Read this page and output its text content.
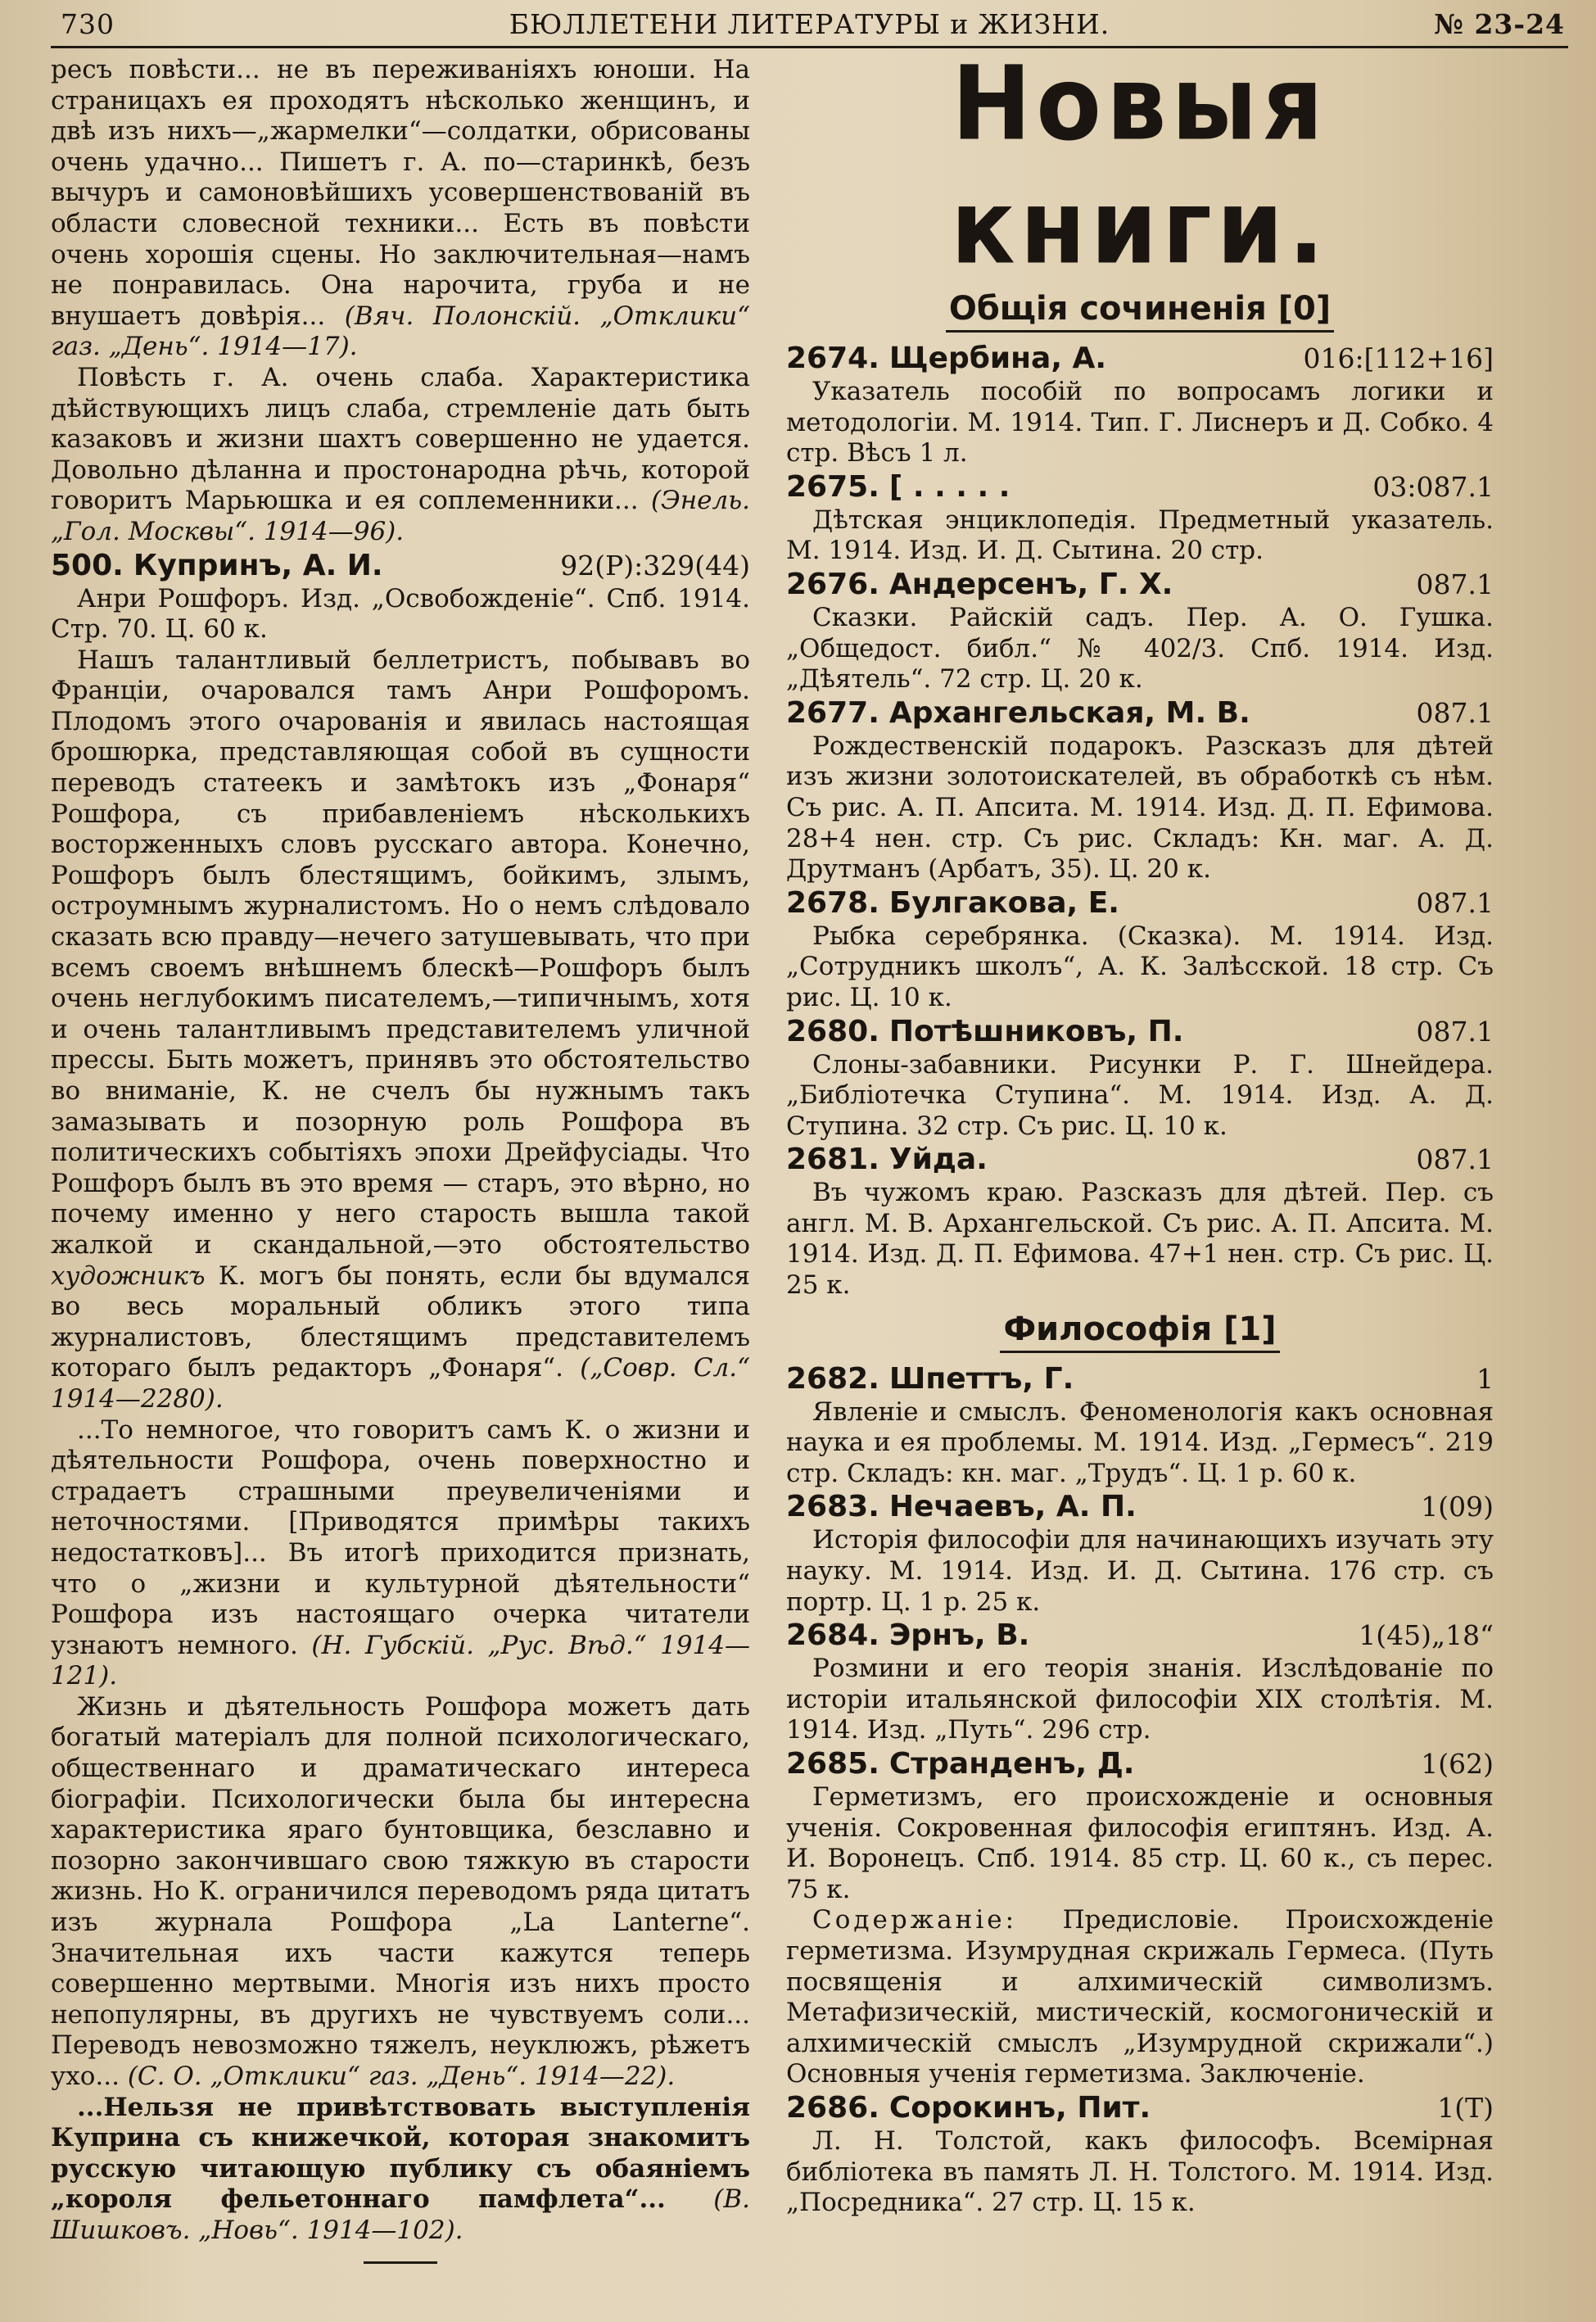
730	БЮЛЛЕТЕНИ ЛИТЕРАТУРЫ и ЖИЗНИ.	№ 23-24

ресъ повѣсти... не въ переживаніяхъ юноши. На страницахъ ея проходятъ нѣсколько женщинъ, и двѣ изъ нихъ—„жармелки“—солдатки, обрисованы очень удачно... Пишетъ г. А. по—старинкѣ, безъ вычуръ и самоновѣйшихъ усовершенствованій въ области словесной техники... Есть въ повѣсти очень хорошія сцены. Но заключительная—намъ не понравилась. Она нарочита, груба и не внушаетъ довѣрія... (Вяч. Полонскій. „Отклики“ газ. „День“. 1914—17).

Повѣсть г. А. очень слаба. Характеристика дѣйствующихъ лицъ слаба, стремленіе дать быть казаковъ и жизни шахтъ совершенно не удается. Довольно дѣланна и простонародна рѣчь, которой говоритъ Марьюшка и ея соплеменники... (Энель. „Гол. Москвы“. 1914—96).

500. Купринъ, А. И.	92(Р):329(44)

Анри Рошфоръ. Изд. „Освобожденіе“. Спб. 1914. Стр. 70. Ц. 60 к.

Нашъ талантливый беллетристъ, побывавъ во Франціи, очаровался тамъ Анри Рошфоромъ. Плодомъ этого очарованія и явилась настоящая брошюрка, представляющая собой въ сущности переводъ статеекъ и замѣтокъ изъ „Фонаря“ Рошфора, съ прибавленіемъ нѣсколькихъ восторженныхъ словъ русскаго автора. Конечно, Рошфоръ былъ блестящимъ, бойкимъ, злымъ, остроумнымъ журналистомъ. Но о немъ слѣдовало сказать всю правду—нечего затушевывать, что при всемъ своемъ внѣшнемъ блескѣ—Рошфоръ былъ очень неглубокимъ писателемъ,—типичнымъ, хотя и очень талантливымъ представителемъ уличной прессы. Быть можетъ, принявъ это обстоятельство во вниманіе, К. не счелъ бы нужнымъ такъ замазывать и позорную роль Рошфора въ политическихъ событіяхъ эпохи Дрейфусіады. Что Рошфоръ былъ въ это время — старъ, это вѣрно, но почему именно у него старость вышла такой жалкой и скандальной,—это обстоятельство художникъ К. могъ бы понять, если бы вдумался во весь моральный обликъ этого типа журналистовъ, блестящимъ представителемъ котораго былъ редакторъ „Фонаря“. („Совр. Сл.“ 1914—2280).

...То немногое, что говоритъ самъ К. о жизни и дѣятельности Рошфора, очень поверхностно и страдаетъ страшными преувеличеніями и неточностями. [Приводятся примѣры такихъ недостатковъ]... Въ итогѣ приходится признать, что о „жизни и культурной дѣятельности“ Рошфора изъ настоящаго очерка читатели узнаютъ немного. (Н. Губскій. „Рус. Вѣд.“ 1914—121).

Жизнь и дѣятельность Рошфора можетъ дать богатый матеріалъ для полной психологическаго, общественнаго и драматическаго интереса біографіи. Психологически была бы интересна характеристика яраго бунтовщика, безславно и позорно закончившаго свою тяжкую въ старости жизнь. Но К. ограничился переводомъ ряда цитатъ изъ журнала Рошфора „La Lanterne“. Значительная ихъ части кажутся теперь совершенно мертвыми. Многія изъ нихъ просто непопулярны, въ другихъ не чувствуемъ соли... Переводъ невозможно тяжелъ, неуклюжъ, рѣжетъ ухо... (С. О. „Отклики“ газ. „День“. 1914—22).

...Нельзя не привѣтствовать выступленія Куприна съ книжечкой, которая знакомитъ русскую читающую публику съ обаяніемъ „короля фельетоннаго памфлета“... (В. Шишковъ. „Новь“. 1914—102).

Новыя книги.
Общія сочиненія [0]
2674. Щербина, А.	016:[112+16]

Указатель пособій по вопросамъ логики и методологіи. М. 1914. Тип. Г. Лиснеръ и Д. Собко. 4 стр. Вѣсъ 1 л.

2675. [ . . . . .	03:087.1

Дѣтская энциклопедія. Предметный указатель. М. 1914. Изд. И. Д. Сытина. 20 стр.

2676. Андерсенъ, Г. Х.	087.1

Сказки. Райскій садъ. Пер. А. О. Гушка. „Общедост. библ.“ № 402/3. Спб. 1914. Изд. „Дѣятель“. 72 стр. Ц. 20 к.

2677. Архангельская, М. В.	087.1

Рождественскій подарокъ. Разсказъ для дѣтей изъ жизни золотоискателей, въ обработкѣ съ нѣм. Съ рис. А. П. Апсита. М. 1914. Изд. Д. П. Ефимова. 28+4 нен. стр. Съ рис. Складъ: Кн. маг. А. Д. Друтманъ (Арбатъ, 35). Ц. 20 к.

2678. Булгакова, Е.	087.1

Рыбка серебрянка. (Сказка). М. 1914. Изд. „Сотрудникъ школъ“, А. К. Залѣсской. 18 стр. Съ рис. Ц. 10 к.

2680. Потѣшниковъ, П.	087.1

Слоны-забавники. Рисунки Р. Г. Шнейдера. „Библіотечка Ступина“. М. 1914. Изд. А. Д. Ступина. 32 стр. Съ рис. Ц. 10 к.

2681. Уйда.	087.1

Въ чужомъ краю. Разсказъ для дѣтей. Пер. съ англ. М. В. Архангельской. Съ рис. А. П. Апсита. М. 1914. Изд. Д. П. Ефимова. 47+1 нен. стр. Съ рис. Ц. 25 к.

Философія [1]
2682. Шпеттъ, Г.	1

Явленіе и смыслъ. Феноменологія какъ основная наука и ея проблемы. М. 1914. Изд. „Гермесъ“. 219 стр. Складъ: кн. маг. „Трудъ“. Ц. 1 р. 60 к.

2683. Нечаевъ, А. П.	1(09)

Исторія философіи для начинающихъ изучать эту науку. М. 1914. Изд. И. Д. Сытина. 176 стр. съ портр. Ц. 1 р. 25 к.

2684. Эрнъ, В.	1(45)„18“

Розмини и его теорія знанія. Изслѣдованіе по исторіи итальянской философіи XIX столѣтія. М. 1914. Изд. „Путь“. 296 стр.

2685. Странденъ, Д.	1(62)

Герметизмъ, его происхожденіе и основныя ученія. Сокровенная философія египтянъ. Изд. А. И. Воронецъ. Спб. 1914. 85 стр. Ц. 60 к., съ перес. 75 к.

Содержаніе: Предисловіе. Происхожденіе герметизма. Изумрудная скрижаль Гермеса. (Путь посвященія и алхимическій символизмъ. Метафизическій, мистическій, космогоническій и алхимическій смыслъ „Изумрудной скрижали“.) Основныя ученія герметизма. Заключеніе.

2686. Сорокинъ, Пит.	1(Т)

Л. Н. Толстой, какъ философъ. Всемірная библіотека въ память Л. Н. Толстого. М. 1914. Изд. „Посредника“. 27 стр. Ц. 15 к.
